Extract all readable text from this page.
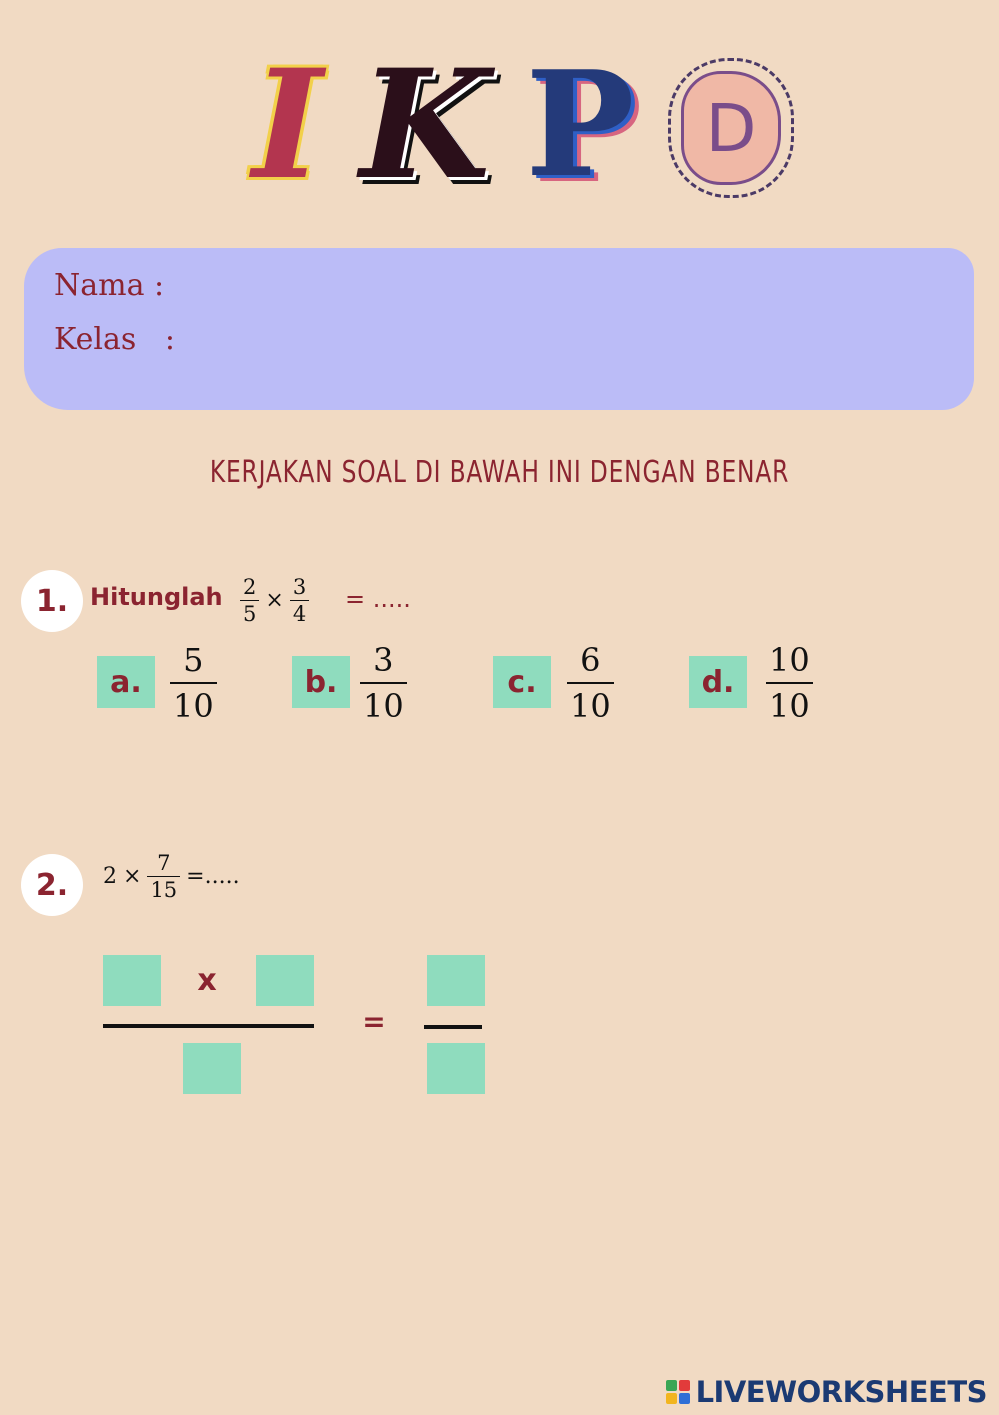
I K P	D
Nama :
Kelas   :
KERJAKAN SOAL DI BAWAH INI DENGAN BENAR
1. Hitunglah $\frac{2}{5} \times \frac{3}{4}$ = .....
a. $\frac{5}{10}$	b. $\frac{3}{10}$	c. $\frac{6}{10}$	d. $\frac{10}{10}$
2.	$2 \times \frac{7}{15}$ =.....
x
=
LIVEWORKSHEETS
